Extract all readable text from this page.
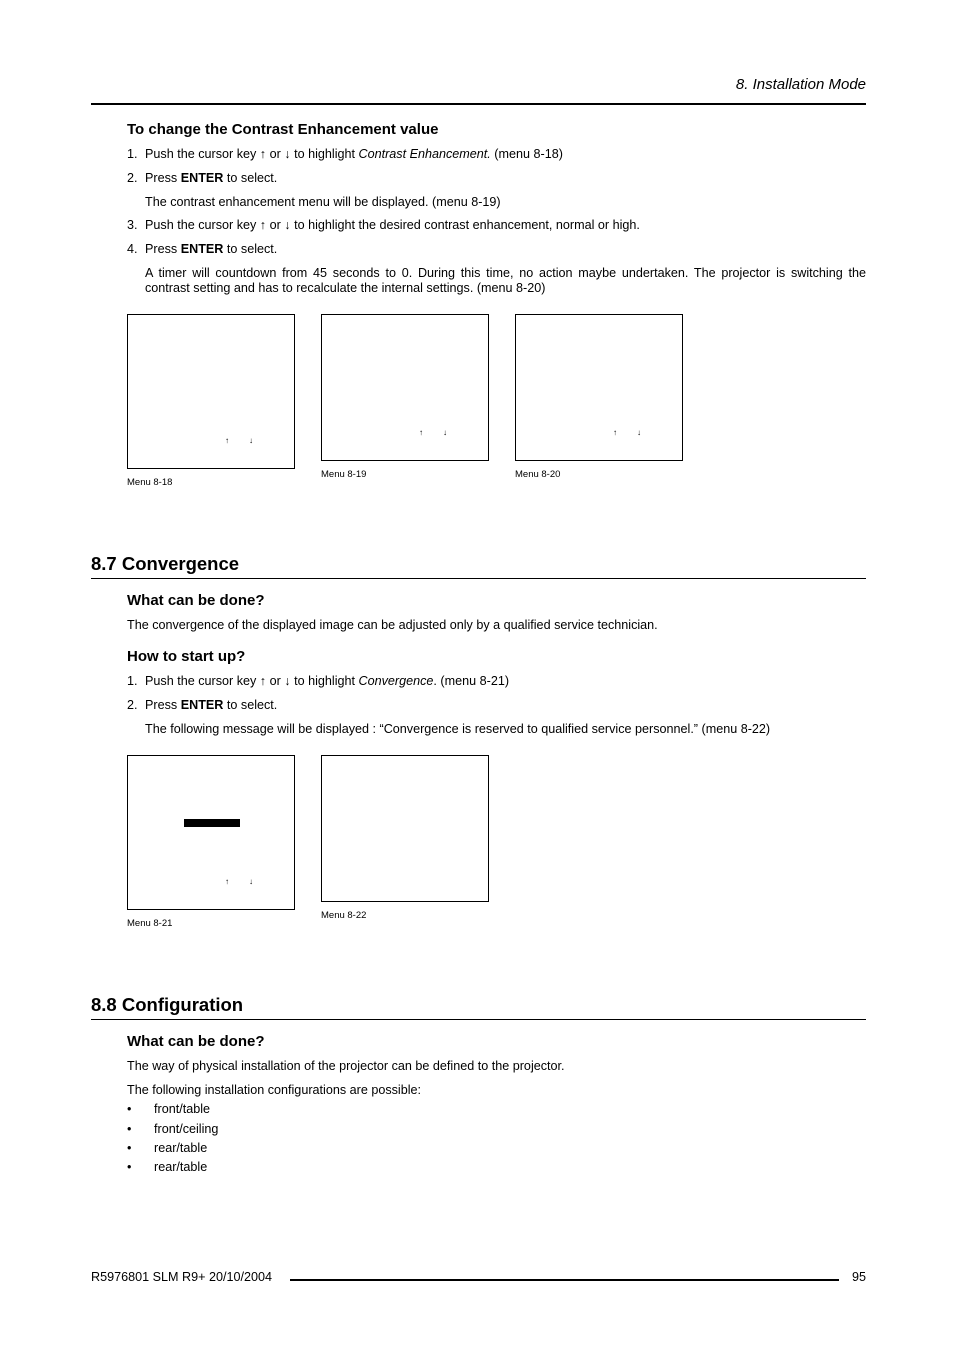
8. Installation Mode
To change the Contrast Enhancement value
1. Push the cursor key ↑ or ↓ to highlight Contrast Enhancement. (menu 8-18)
2. Press ENTER to select.
The contrast enhancement menu will be displayed. (menu 8-19)
3. Push the cursor key ↑ or ↓ to highlight the desired contrast enhancement, normal or high.
4. Press ENTER to select.
A timer will countdown from 45 seconds to 0. During this time, no action maybe undertaken. The projector is switching the contrast setting and has to recalculate the internal settings. (menu 8-20)
↑	↓
Menu 8-18
↑	↓
Menu 8-19
↑	↓
Menu 8-20
8.7 Convergence
What can be done?
The convergence of the displayed image can be adjusted only by a qualified service technician.
How to start up?
1. Push the cursor key ↑ or ↓ to highlight Convergence. (menu 8-21)
2. Press ENTER to select.
The following message will be displayed : “Convergence is reserved to qualified service personnel.” (menu 8-22)
↑	↓
Menu 8-21
Menu 8-22
8.8 Configuration
What can be done?
The way of physical installation of the projector can be defined to the projector.
The following installation configurations are possible:
• front/table
• front/ceiling
• rear/table
• rear/table
R5976801 SLM R9+ 20/10/2004	95
